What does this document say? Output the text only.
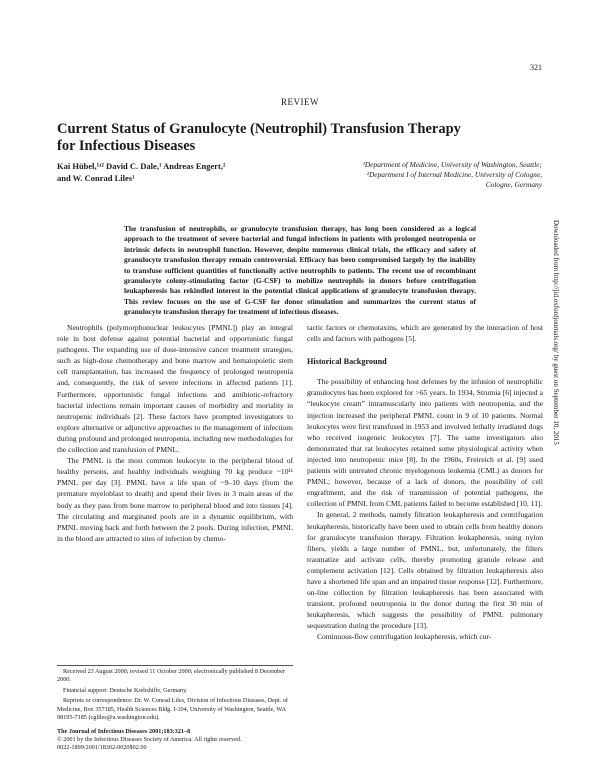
321
REVIEW
Current Status of Granulocyte (Neutrophil) Transfusion Therapy for Infectious Diseases
Kai Hübel,¹ʴ² David C. Dale,¹ Andreas Engert,²
and W. Conrad Liles¹
¹Department of Medicine, University of Washington, Seattle;
²Department I of Internal Medicine, University of Cologne,
Cologne, Germany
The transfusion of neutrophils, or granulocyte transfusion therapy, has long been considered as a logical approach to the treatment of severe bacterial and fungal infections in patients with prolonged neutropenia or intrinsic defects in neutrophil function. However, despite numerous clinical trials, the efficacy and safety of granulocyte transfusion therapy remain controversial. Efficacy has been compromised largely by the inability to transfuse sufficient quantities of functionally active neutrophils to patients. The recent use of recombinant granulocyte colony-stimulating factor (G-CSF) to mobilize neutrophils in donors before centrifugation leukapheresis has rekindled interest in the potential clinical applications of granulocyte transfusion therapy. This review focuses on the use of G-CSF for donor stimulation and summarizes the current status of granulocyte transfusion therapy for treatment of infectious diseases.	Downloaded from http://jid.oxfordjournals.org/ by guest on September 10, 2015

Neutrophils (polymorphonuclear leukocytes [PMNL]) play an integral role in host defense against potential bacterial and opportunistic fungal pathogens. The expanding use of dose-intensive cancer treatment strategies, such as high-dose chemotherapy and bone marrow and hematopoietic stem cell transplantation, has increased the frequency of prolonged neutropenia and, consequently, the risk of severe infections in affected patients [1]. Furthermore, opportunistic fungal infections and antibiotic-refractory bacterial infections remain important causes of morbidity and mortality in neutropenic individuals [2]. These factors have prompted investigators to explore alternative or adjunctive approaches to the management of infections during profound and prolonged neutropenia, including new methodologies for the collection and transfusion of PMNL.

The PMNL is the most common leukocyte in the peripheral blood of healthy persons, and healthy individuals weighing 70 kg produce ~10¹¹ PMNL per day [3]. PMNL have a life span of ~9–10 days (from the premature myeloblast to death) and spend their lives in 3 main areas of the body as they pass from bone marrow to peripheral blood and into tissues [4]. The circulating and marginated pools are in a dynamic equilibrium, with PMNL moving back and forth between the 2 pools. During infection, PMNL in the blood are attracted to sites of infection by chemo-

tactic factors or chemotaxins, which are generated by the interaction of host cells and factors with pathogens [5].

Historical Background

The possibility of enhancing host defenses by the infusion of neutrophilic granulocytes has been explored for >65 years. In 1934, Strumia [6] injected a “leukocyte cream” intramuscularly into patients with neutropenia, and the injection increased the peripheral PMNL count in 9 of 10 patients. Normal leukocytes were first transfused in 1953 and involved lethally irradiated dogs who received isogeneic leukocytes [7]. The same investigators also demonstrated that rat leukocytes retained some physiological activity when injected into neutropenic mice [8]. In the 1960s, Freireich et al. [9] used patients with untreated chronic myelogenous leukemia (CML) as donors for PMNL; however, because of a lack of donors, the possibility of cell engraftment, and the risk of transmission of potential pathogens, the collection of PMNL from CML patients failed to become established [10, 11].

In general, 2 methods, namely filtration leukapheresis and centrifugation leukapheresis, historically have been used to obtain cells from healthy donors for granulocyte transfusion therapy. Filtration leukapheresis, using nylon fibers, yields a large number of PMNL, but, unfortunately, the filters traumatize and activate cells, thereby promoting granule release and complement activation [12]. Cells obtained by filtration leukapheresis also have a shortened life span and an impaired tissue response [12]. Furthermore, on-line collection by filtration leukapheresis has been associated with transient, profound neutropenia in the donor during the first 30 min of leukapheresis, which suggests the possibility of PMNL pulmonary sequestration during the procedure [13].

Continuous-flow centrifugation leukapheresis, which cur-

Received 23 August 2000; revised 11 October 2000; electronically published 8 December 2000.

Financial support: Deutsche Krebshilfe, Germany.

Reprints or correspondence: Dr. W. Conrad Liles, Division of Infectious Diseases, Dept. of Medicine, Box 357185, Health Sciences Bldg. I-104, University of Washington, Seattle, WA 98195-7185 (cgliles@u.washington.edu).

The Journal of Infectious Diseases 2001;183:321–8
© 2001 by the Infectious Diseases Society of America. All rights reserved.
0022-1899/2001/18302-0020$02.00
